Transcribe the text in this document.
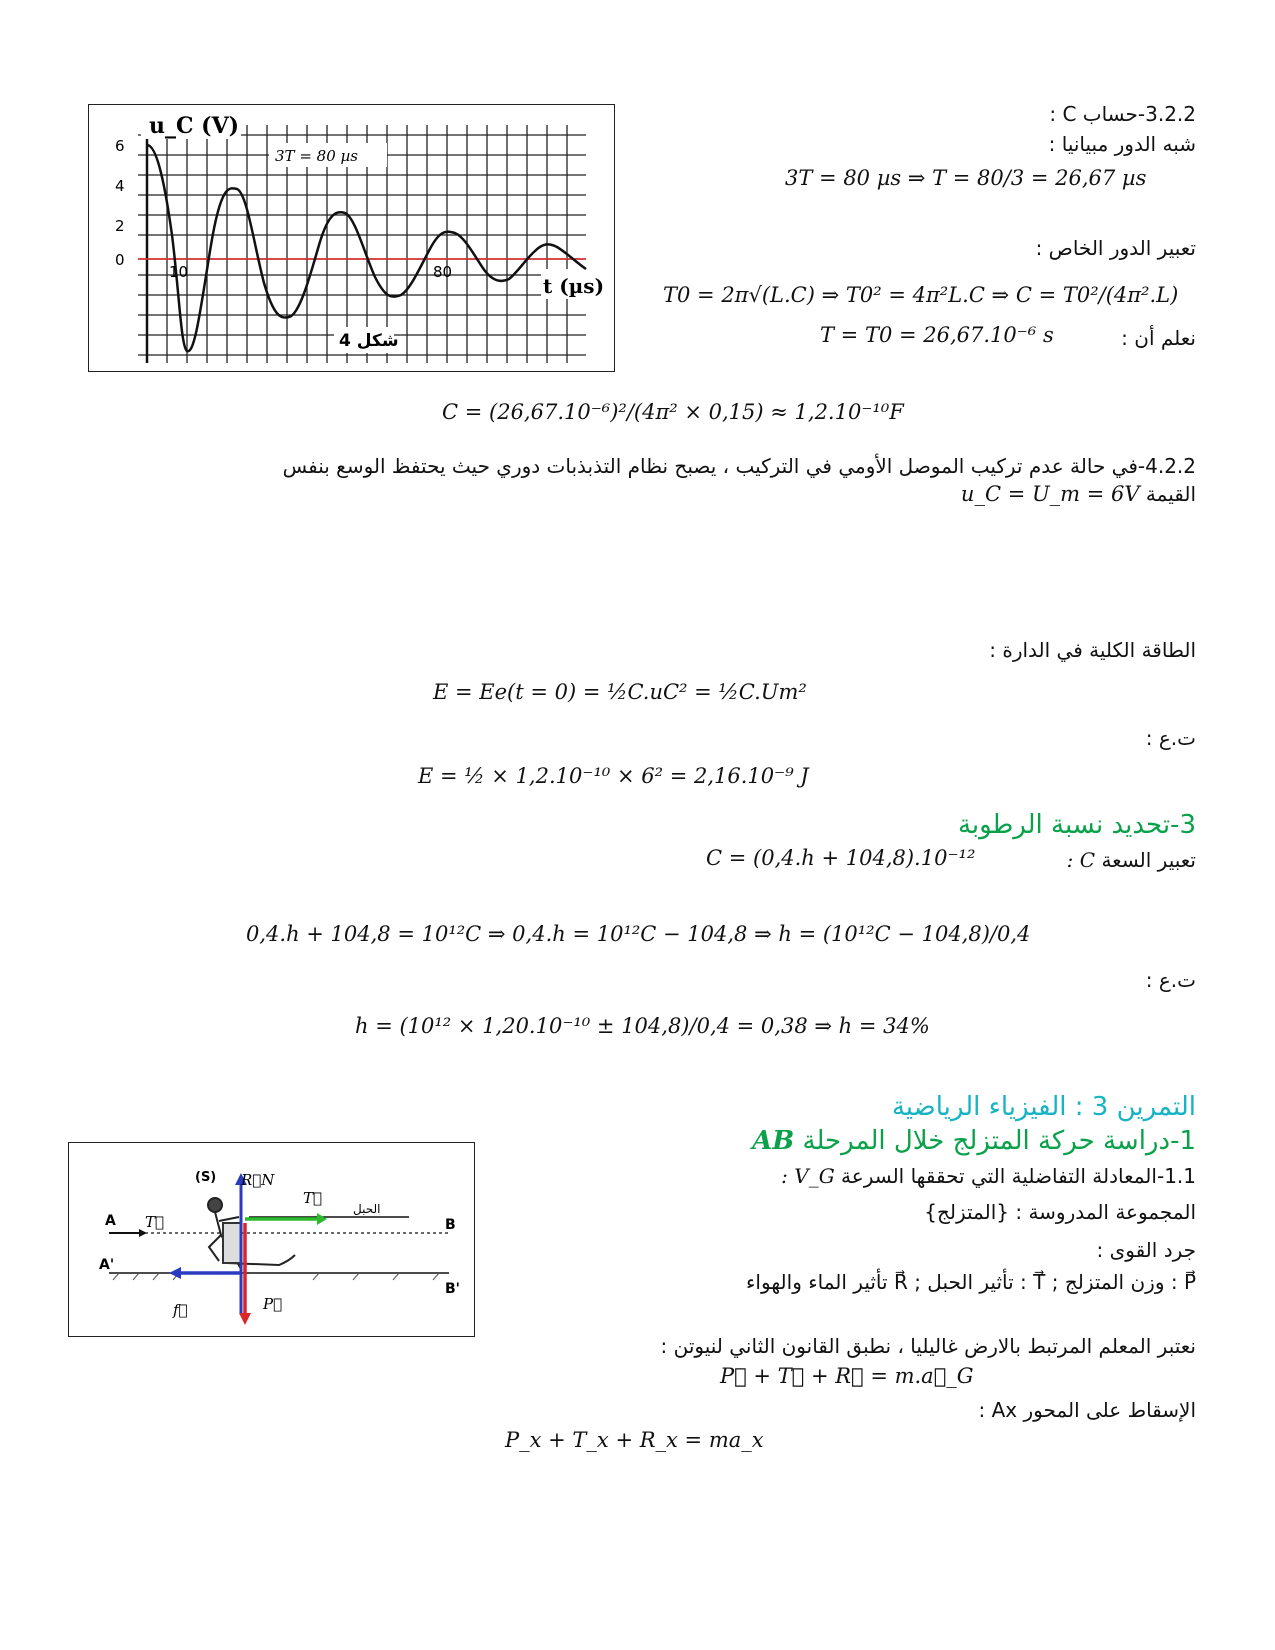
u_C (V)
6
4
2
0
10	80
t (µs)
3T = 80 µs
شكل 4
3.2.2-حساب C :
شبه الدور مبيانيا :
3T = 80 µs ⇒ T = 80/3 = 26,67 µs
تعبير الدور الخاص :
T0 = 2π√(L.C) ⇒ T0² = 4π²L.C ⇒ C = T0²/(4π².L)
نعلم أن :
T = T0 = 26,67.10⁻⁶ s
C = (26,67.10⁻⁶)²/(4π² × 0,15) ≈ 1,2.10⁻¹⁰F
4.2.2-في حالة عدم تركيب الموصل الأومي في التركيب ، يصبح نظام التذبذبات دوري حيث يحتفظ الوسع بنفس
القيمة u_C = U_m = 6V
الطاقة الكلية في الدارة :
E = Ee(t = 0) = ½C.uC² = ½C.Um²
ت.ع :
E = ½ × 1,2.10⁻¹⁰ × 6² = 2,16.10⁻⁹ J
3-تحديد نسبة الرطوبة
تعبير السعة C :
C = (0,4.h + 104,8).10⁻¹²
0,4.h + 104,8 = 10¹²C ⇒ 0,4.h = 10¹²C − 104,8 ⇒ h = (10¹²C − 104,8)/0,4
ت.ع :
h = (10¹² × 1,20.10⁻¹⁰ ± 104,8)/0,4 = 0,38 ⇒ h = 34%
التمرين 3 : الفيزياء الرياضية
1-دراسة حركة المتزلج خلال المرحلة AB
1.1-المعادلة التفاضلية التي تحققها السرعة V_G :
المجموعة المدروسة : {المتزلج}
جرد القوى :
P⃗ : وزن المتزلج ; T⃗ : تأثير الحبل ; R⃗ تأثير الماء والهواء
نعتبر المعلم المرتبط بالارض غاليليا ، نطبق القانون الثاني لنيوتن :
P⃗ + T⃗ + R⃗ = m.a⃗_G
الإسقاط على المحور Ax :
P_x + T_x + R_x = ma_x
(S) R⃗N
T⃗
الحبل
A	B
A'
B'
T⃗
f⃗	P⃗
